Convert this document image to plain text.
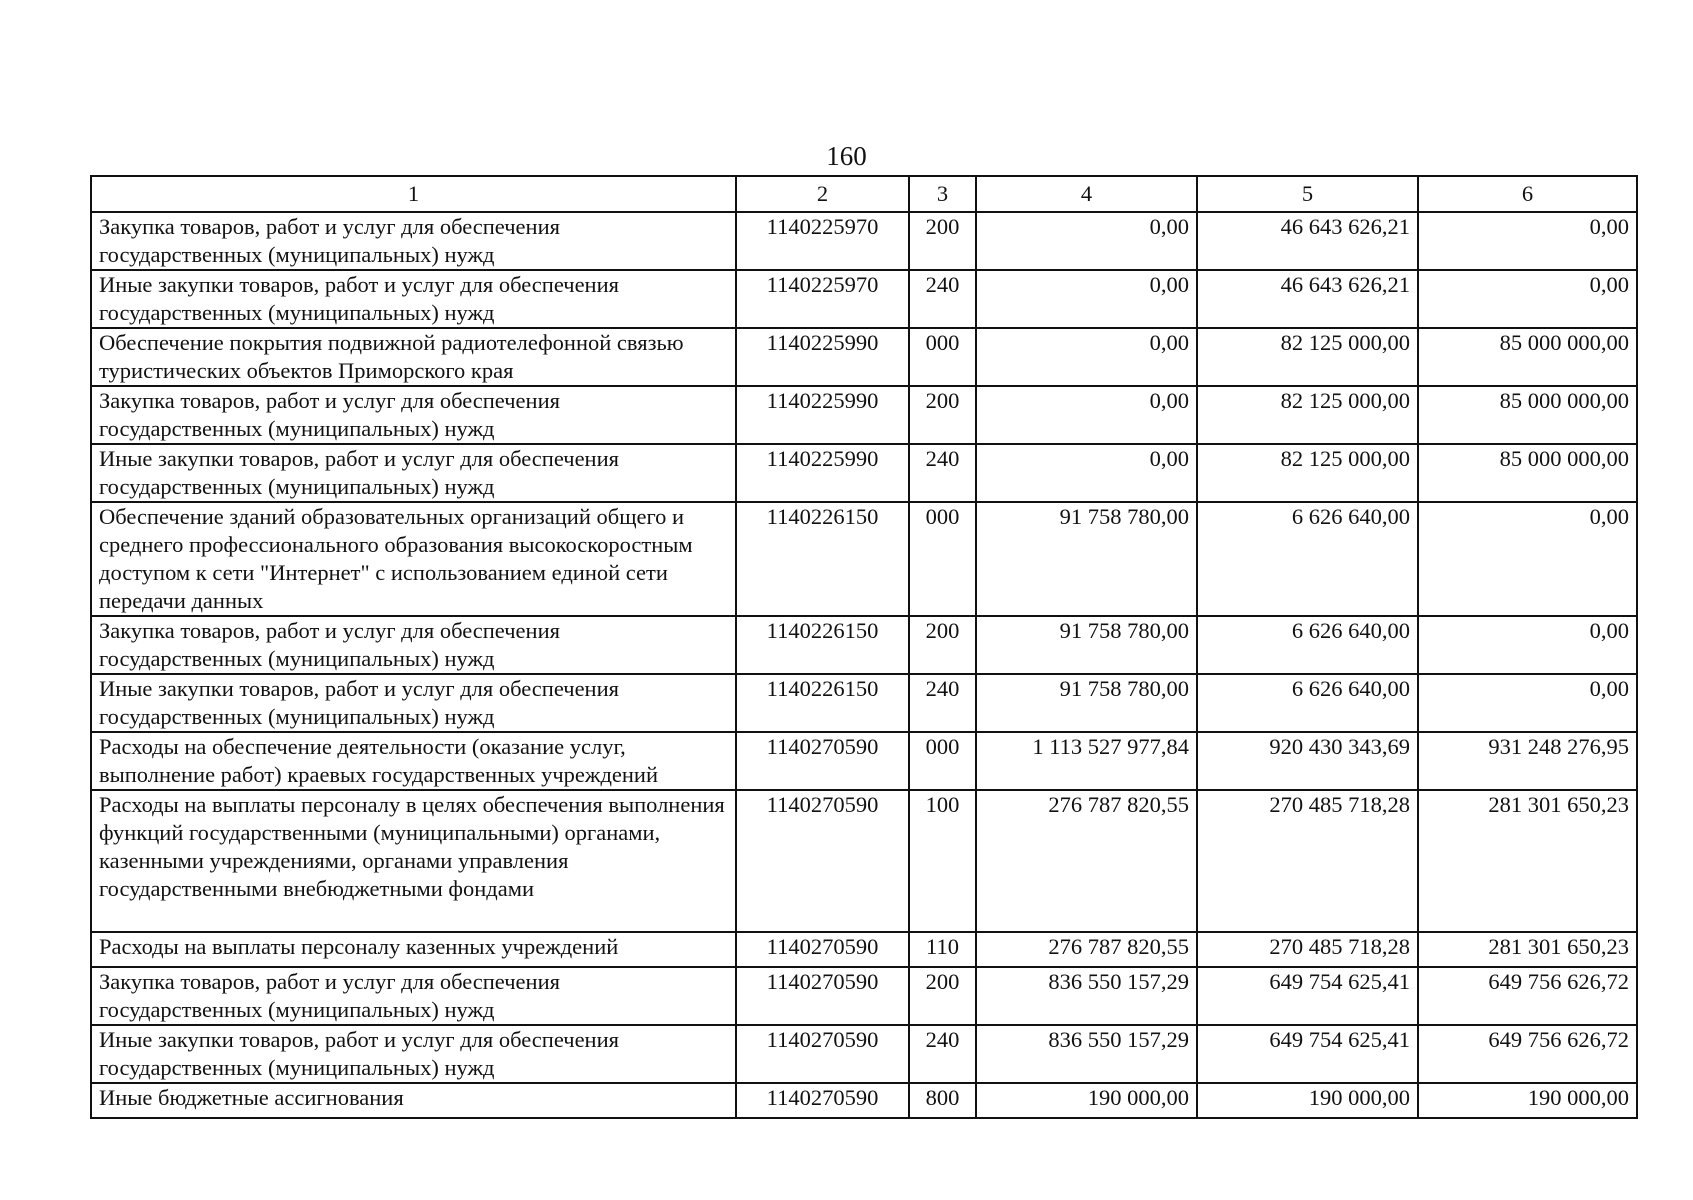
160
1	2	3	4	5	6
Закупка товаров, работ и услуг для обеспечения государственных (муниципальных) нужд	1140225970	200	0,00	46 643 626,21	0,00
Иные закупки товаров, работ и услуг для обеспечения государственных (муниципальных) нужд	1140225970	240	0,00	46 643 626,21	0,00
Обеспечение покрытия подвижной радиотелефонной связью туристических объектов Приморского края	1140225990	000	0,00	82 125 000,00	85 000 000,00
Закупка товаров, работ и услуг для обеспечения государственных (муниципальных) нужд	1140225990	200	0,00	82 125 000,00	85 000 000,00
Иные закупки товаров, работ и услуг для обеспечения государственных (муниципальных) нужд	1140225990	240	0,00	82 125 000,00	85 000 000,00
Обеспечение зданий образовательных организаций общего и среднего профессионального образования высокоскоростным доступом к сети "Интернет" с использованием единой сети передачи данных	1140226150	000	91 758 780,00	6 626 640,00	0,00
Закупка товаров, работ и услуг для обеспечения государственных (муниципальных) нужд	1140226150	200	91 758 780,00	6 626 640,00	0,00
Иные закупки товаров, работ и услуг для обеспечения государственных (муниципальных) нужд	1140226150	240	91 758 780,00	6 626 640,00	0,00
Расходы на обеспечение деятельности (оказание услуг, выполнение работ) краевых государственных учреждений	1140270590	000	1 113 527 977,84	920 430 343,69	931 248 276,95
Расходы на выплаты персоналу в целях обеспечения выполнения функций государственными (муниципальными) органами, казенными учреждениями, органами управления государственными внебюджетными фондами	1140270590	100	276 787 820,55	270 485 718,28	281 301 650,23
Расходы на выплаты персоналу казенных учреждений	1140270590	110	276 787 820,55	270 485 718,28	281 301 650,23
Закупка товаров, работ и услуг для обеспечения государственных (муниципальных) нужд	1140270590	200	836 550 157,29	649 754 625,41	649 756 626,72
Иные закупки товаров, работ и услуг для обеспечения государственных (муниципальных) нужд	1140270590	240	836 550 157,29	649 754 625,41	649 756 626,72
Иные бюджетные ассигнования	1140270590	800	190 000,00	190 000,00	190 000,00
